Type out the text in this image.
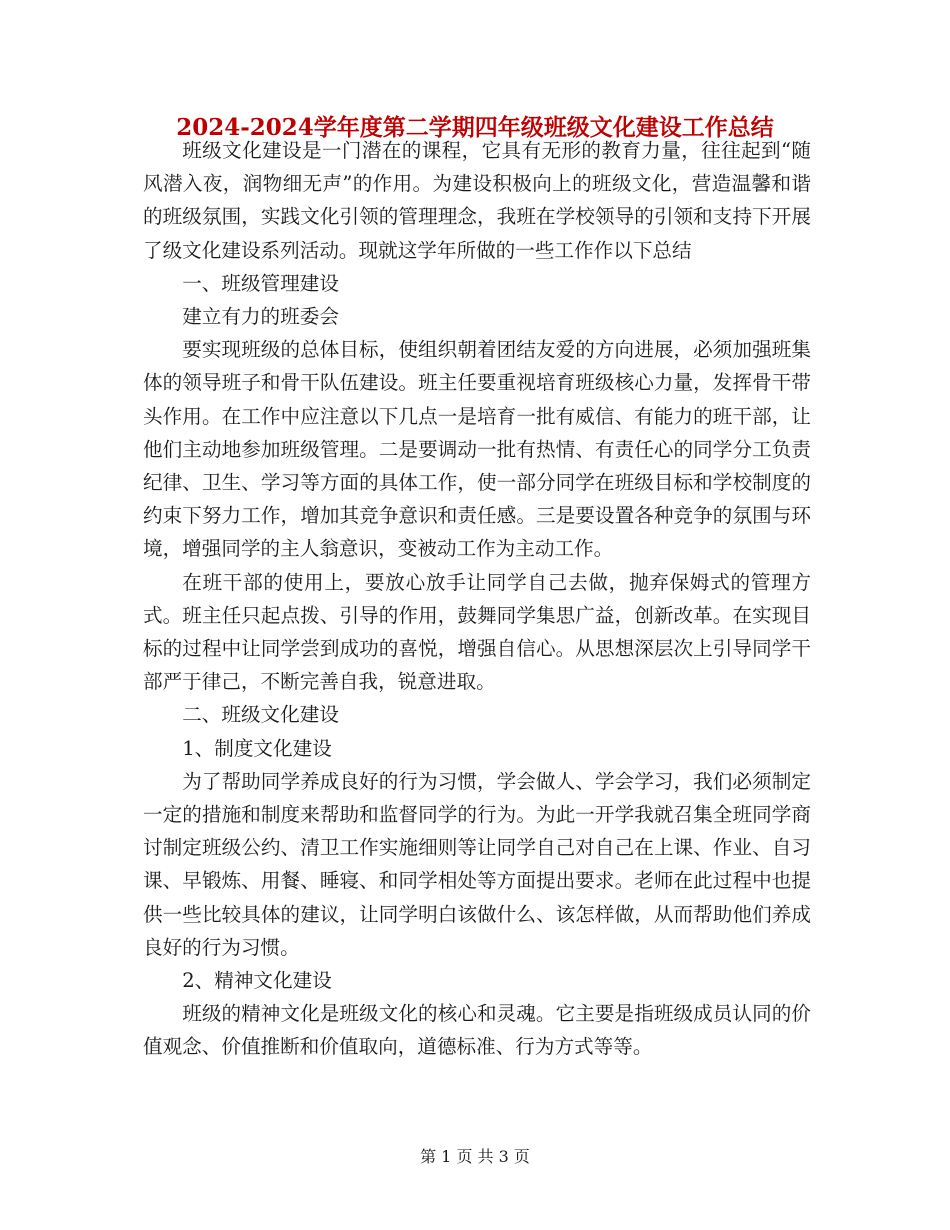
2024-2024学年度第二学期四年级班级文化建设工作总结

班级文化建设是一门潜在的课程，它具有无形的教育力量，往往起到“随风潜入夜，润物细无声”的作用。为建设积极向上的班级文化，营造温馨和谐的班级氛围，实践文化引领的管理理念，我班在学校领导的引领和支持下开展了级文化建设系列活动。现就这学年所做的一些工作作以下总结

一、班级管理建设

建立有力的班委会

要实现班级的总体目标，使组织朝着团结友爱的方向进展，必须加强班集体的领导班子和骨干队伍建设。班主任要重视培育班级核心力量，发挥骨干带头作用。在工作中应注意以下几点一是培育一批有威信、有能力的班干部，让他们主动地参加班级管理。二是要调动一批有热情、有责任心的同学分工负责纪律、卫生、学习等方面的具体工作，使一部分同学在班级目标和学校制度的约束下努力工作，增加其竞争意识和责任感。三是要设置各种竞争的氛围与环境，增强同学的主人翁意识，变被动工作为主动工作。

在班干部的使用上，要放心放手让同学自己去做，抛弃保姆式的管理方式。班主任只起点拨、引导的作用，鼓舞同学集思广益，创新改革。在实现目标的过程中让同学尝到成功的喜悦，增强自信心。从思想深层次上引导同学干部严于律己，不断完善自我，锐意进取。

二、班级文化建设

1、制度文化建设

为了帮助同学养成良好的行为习惯，学会做人、学会学习，我们必须制定一定的措施和制度来帮助和监督同学的行为。为此一开学我就召集全班同学商讨制定班级公约、清卫工作实施细则等让同学自己对自己在上课、作业、自习课、早锻炼、用餐、睡寝、和同学相处等方面提出要求。老师在此过程中也提供一些比较具体的建议，让同学明白该做什么、该怎样做，从而帮助他们养成良好的行为习惯。

2、精神文化建设

班级的精神文化是班级文化的核心和灵魂。它主要是指班级成员认同的价值观念、价值推断和价值取向，道德标准、行为方式等等。

第 1 页 共 3 页
